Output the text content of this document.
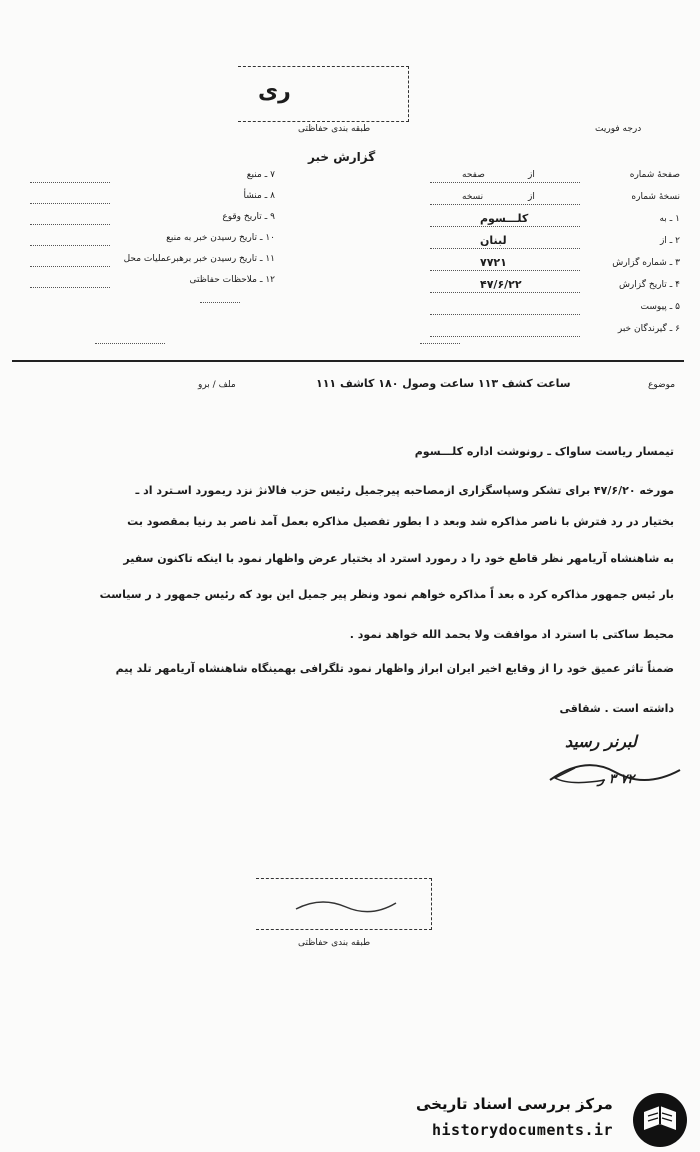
ری
طبقه بندی حفاظتی	درجه فوریت
گزارش خبر
صفحهٔ شماره
از
صفحه
نسخهٔ شماره
از
نسخه
۱ ـ به
کلـــسوم
۲ ـ از
لبنان
۳ ـ شماره گزارش
۷۷۲۱
۴ ـ تاریخ گزارش
۴۷/۶/۲۲
۵ ـ پیوست
۶ ـ گیرندگان خبر
۷ ـ منبع
۸ ـ منشأ
۹ ـ تاریخ وقوع
۱۰ ـ تاریخ رسیدن خبر به منبع
۱۱ ـ تاریخ رسیدن خبر برهبرعملیات محل
۱۲ ـ ملاحظات حفاظتی
موضوع
ساعت کشف ۱۱۳ ساعت وصول ۱۸۰ کاشف ۱۱۱
ملف / برو
تیمسار ریاست ساواک ـ رونوشت اداره کلـــسوم
مورخه ۴۷/۶/۲۰ برای تشکر وسپاسگزاری ازمصاحبه پیرجمیل رئیس حزب فالانژ نزد ریمورد اسـترد اد ـ
بختیار در رد فترش با ناصر مذاکره شد وبعد د ا بطور تفصیل مذاکره بعمل آمد ناصر بد رنیا بمقصود بت
به شاهنشاه آریامهر نظر قاطع خود را د رمورد استرد اد بختیار عرض واظهار نمود با اینکه تاکنون سفیر
بار ئیس جمهور مذاکره کرد ه بعد اً مذاکره خواهم نمود ونظر پیر جمیل این بود که رئیس جمهور د ر سیاست
محیط ساکتی با استرد اد موافقت ولا بحمد الله خواهد نمود .
ضمناً تاثر عمیق خود را از وقایع اخیر ایران ابراز واظهار نمود تلگرافی بهمینگاه شاهنشاه آریامهر تلد پیم
داشته است . شقاقی
لبرنر رسید
۷۲ ۳ ر
طبقه بندی حفاظتی
مرکز بررسی اسناد تاریخی
historydocuments.ir
